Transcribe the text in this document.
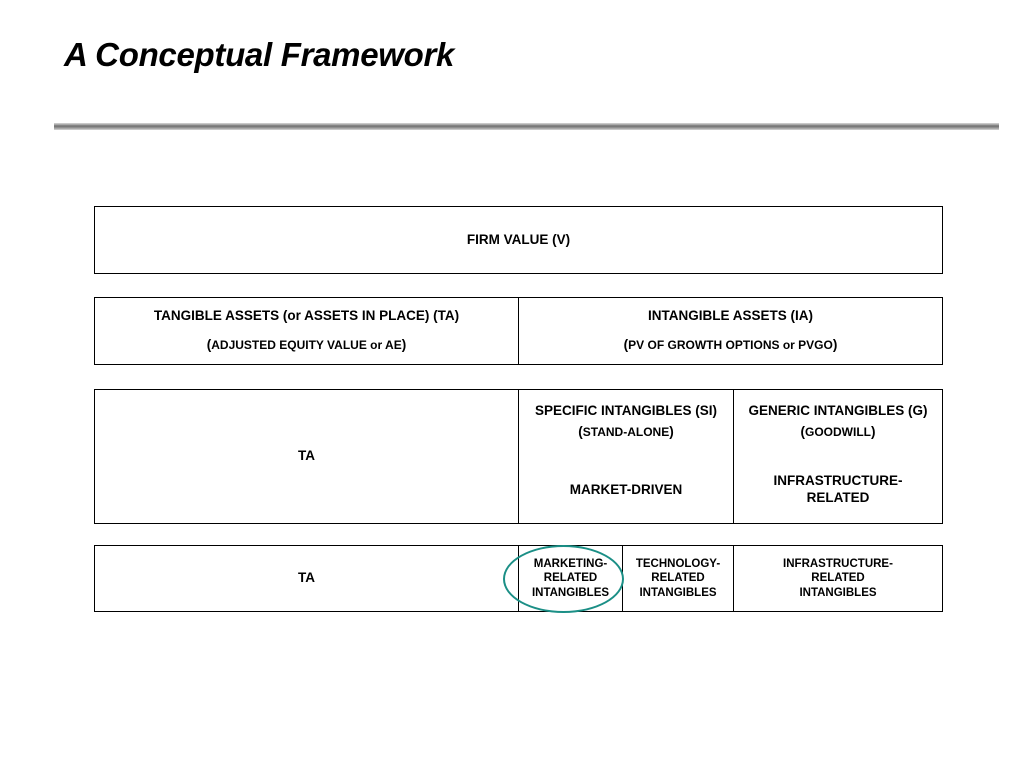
A Conceptual Framework
FIRM VALUE (V)
TANGIBLE ASSETS (or ASSETS IN PLACE) (TA)
(ADJUSTED EQUITY VALUE or AE)
INTANGIBLE ASSETS (IA)
(PV OF GROWTH OPTIONS or PVGO)
TA
SPECIFIC INTANGIBLES (SI)
(STAND-ALONE)
MARKET-DRIVEN
GENERIC INTANGIBLES (G)
(GOODWILL)
INFRASTRUCTURE-
RELATED
TA
MARKETING-
RELATED
INTANGIBLES
TECHNOLOGY-
RELATED
INTANGIBLES
INFRASTRUCTURE-
RELATED
INTANGIBLES
